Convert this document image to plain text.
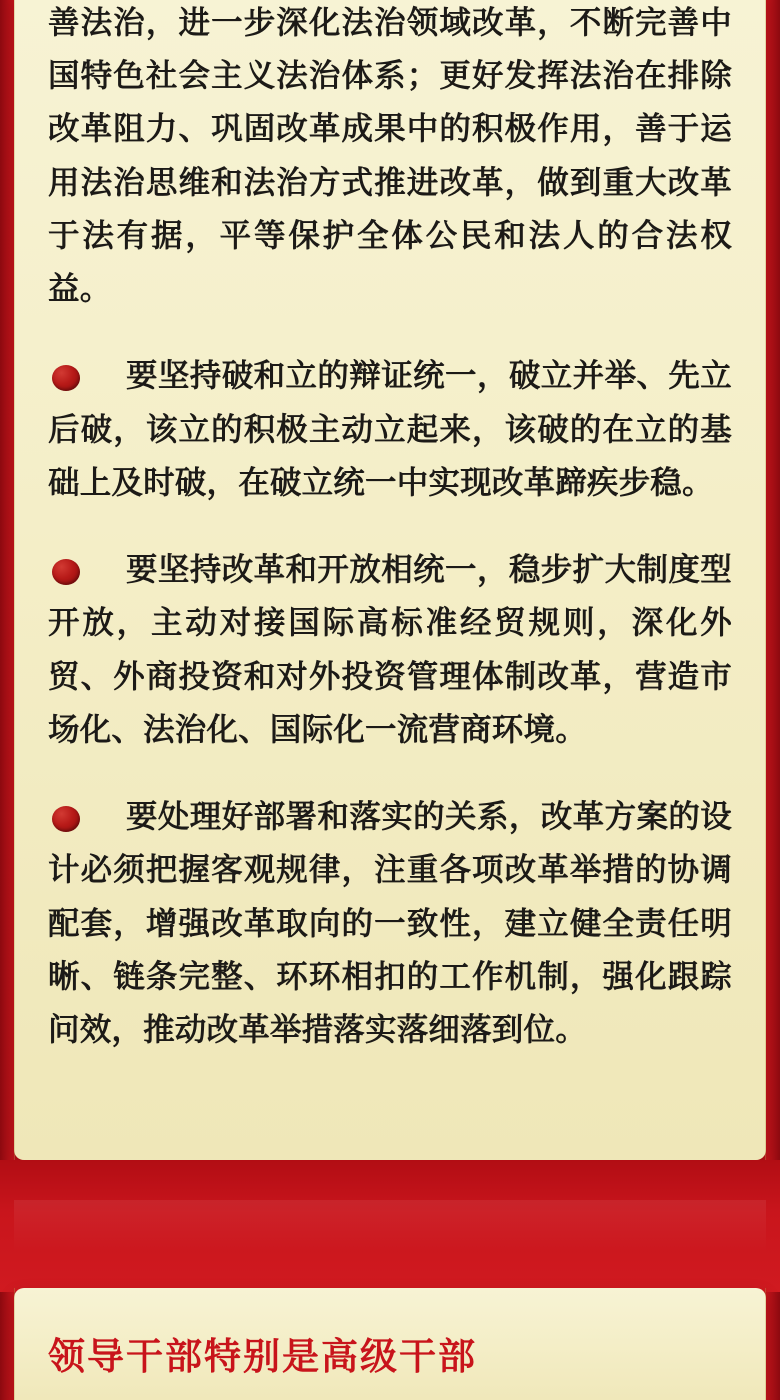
善法治，进一步深化法治领域改革，不断完善中国特色社会主义法治体系；更好发挥法治在排除改革阻力、巩固改革成果中的积极作用，善于运用法治思维和法治方式推进改革，做到重大改革于法有据，平等保护全体公民和法人的合法权益。

要坚持破和立的辩证统一，破立并举、先立后破，该立的积极主动立起来，该破的在立的基础上及时破，在破立统一中实现改革蹄疾步稳。

要坚持改革和开放相统一，稳步扩大制度型开放，主动对接国际高标准经贸规则，深化外贸、外商投资和对外投资管理体制改革，营造市场化、法治化、国际化一流营商环境。

要处理好部署和落实的关系，改革方案的设计必须把握客观规律，注重各项改革举措的协调配套，增强改革取向的一致性，建立健全责任明晰、链条完整、环环相扣的工作机制，强化跟踪问效，推动改革举措落实落细落到位。

领导干部特别是高级干部
